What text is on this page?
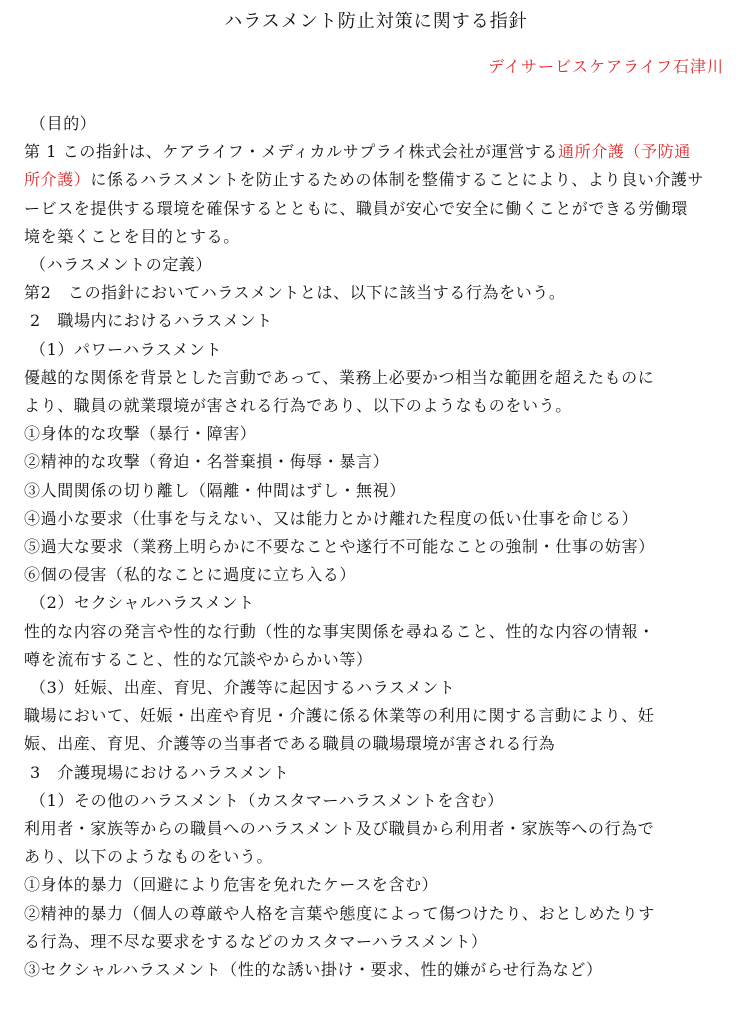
ハラスメント防止対策に関する指針
デイサービスケアライフ石津川
（目的）
第 1 この指針は、ケアライフ・メディカルサプライ株式会社が運営する通所介護（予防通
所介護）に係るハラスメントを防止するための体制を整備することにより、より良い介護サ
ービスを提供する環境を確保するとともに、職員が安心で安全に働くことができる労働環
境を築くことを目的とする。
（ハラスメントの定義）
第2　この指針においてハラスメントとは、以下に該当する行為をいう。
2　職場内におけるハラスメント
（1）パワーハラスメント
優越的な関係を背景とした言動であって、業務上必要かつ相当な範囲を超えたものに
より、職員の就業環境が害される行為であり、以下のようなものをいう。
①身体的な攻撃（暴行・障害）
②精神的な攻撃（脅迫・名誉棄損・侮辱・暴言）
③人間関係の切り離し（隔離・仲間はずし・無視）
④過小な要求（仕事を与えない、又は能力とかけ離れた程度の低い仕事を命じる）
⑤過大な要求（業務上明らかに不要なことや遂行不可能なことの強制・仕事の妨害）
⑥個の侵害（私的なことに過度に立ち入る）
（2）セクシャルハラスメント
性的な内容の発言や性的な行動（性的な事実関係を尋ねること、性的な内容の情報・
噂を流布すること、性的な冗談やからかい等）
（3）妊娠、出産、育児、介護等に起因するハラスメント
職場において、妊娠・出産や育児・介護に係る休業等の利用に関する言動により、妊
娠、出産、育児、介護等の当事者である職員の職場環境が害される行為
3　介護現場におけるハラスメント
（1）その他のハラスメント（カスタマーハラスメントを含む）
利用者・家族等からの職員へのハラスメント及び職員から利用者・家族等への行為で
あり、以下のようなものをいう。
①身体的暴力（回避により危害を免れたケースを含む）
②精神的暴力（個人の尊厳や人格を言葉や態度によって傷つけたり、おとしめたりす
る行為、理不尽な要求をするなどのカスタマーハラスメント）
③セクシャルハラスメント（性的な誘い掛け・要求、性的嫌がらせ行為など）
